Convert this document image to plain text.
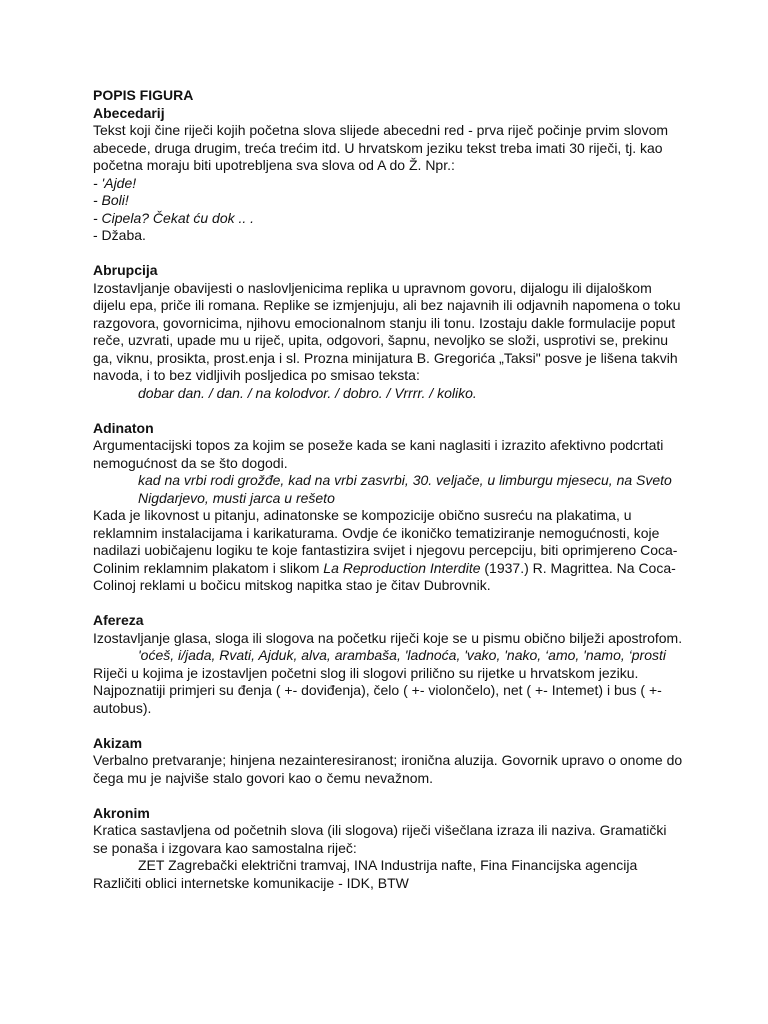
POPIS FIGURA
Abecedarij

Tekst koji čine riječi kojih početna slova slijede abecedni red - prva riječ počinje prvim slovom abecede, druga drugim, treća trećim itd. U hrvatskom jeziku tekst treba imati 30 riječi, tj. kao početna moraju biti upotrebljena sva slova od A do Ž. Npr.:

- 'Ajde!
- Boli!
- Cipela? Čekat ću dok .. .
- Džaba.
Abrupcija

Izostavljanje obavijesti o naslovljenicima replika u upravnom govoru, dijalogu ili dijaloškom dijelu epa, priče ili romana. Replike se izmjenjuju, ali bez najavnih ili odjavnih napomena o toku razgovora, govornicima, njihovu emocionalnom stanju ili tonu. Izostaju dakle formulacije poput reče, uzvrati, upade mu u riječ, upita, odgovori, šapnu, nevoljko se složi, usprotivi se, prekinu ga, viknu, prosikta, prost.enja i sl. Prozna minijatura B. Gregorića „Taksi" posve je lišena takvih navoda, i to bez vidljivih posljedica po smisao teksta:

dobar dan. / dan. / na kolodvor. / dobro. / Vrrrr. / koliko.

Adinaton

Argumentacijski topos za kojim se poseže kada se kani naglasiti i izrazito afektivno podcrtati nemogućnost da se što dogodi.

kad na vrbi rodi grožđe, kad na vrbi zasvrbi, 30. veljače, u limburgu mjesecu, na Sveto Nigdarjevo, musti jarca u rešeto

Kada je likovnost u pitanju, adinatonske se kompozicije obično susreću na plakatima, u reklamnim instalacijama i karikaturama. Ovdje će ikoničko tematiziranje nemogućnosti, koje nadilazi uobičajenu logiku te koje fantastizira svijet i njegovu percepciju, biti oprimjereno Coca-Colinim reklamnim plakatom i slikom La Reproduction Interdite (1937.) R. Magrittea. Na Coca-Colinoj reklami u bočicu mitskog napitka stao je čitav Dubrovnik.

Afereza

Izostavljanje glasa, sloga ili slogova na početku riječi koje se u pismu obično bilježi apostrofom.

'oćeš, i/jada, Rvati, Ajduk, alva, arambaša, 'ladnoća, 'vako, 'nako, ‘amo, 'namo, ‘prosti

Riječi u kojima je izostavljen početni slog ili slogovi prilično su rijetke u hrvatskom jeziku. Najpoznatiji primjeri su đenja ( +- doviđenja), čelo ( +- violončelo), net ( +- Intemet) i bus ( +- autobus).

Akizam

Verbalno pretvaranje; hinjena nezainteresiranost; ironična aluzija. Govornik upravo o onome do čega mu je najviše stalo govori kao o čemu nevažnom.

Akronim

Kratica sastavljena od početnih slova (ili slogova) riječi višečlana izraza ili naziva. Gramatički se ponaša i izgovara kao samostalna riječ:

ZET Zagrebački električni tramvaj, INA Industrija nafte, Fina Financijska agencija

Različiti oblici internetske komunikacije - IDK, BTW
